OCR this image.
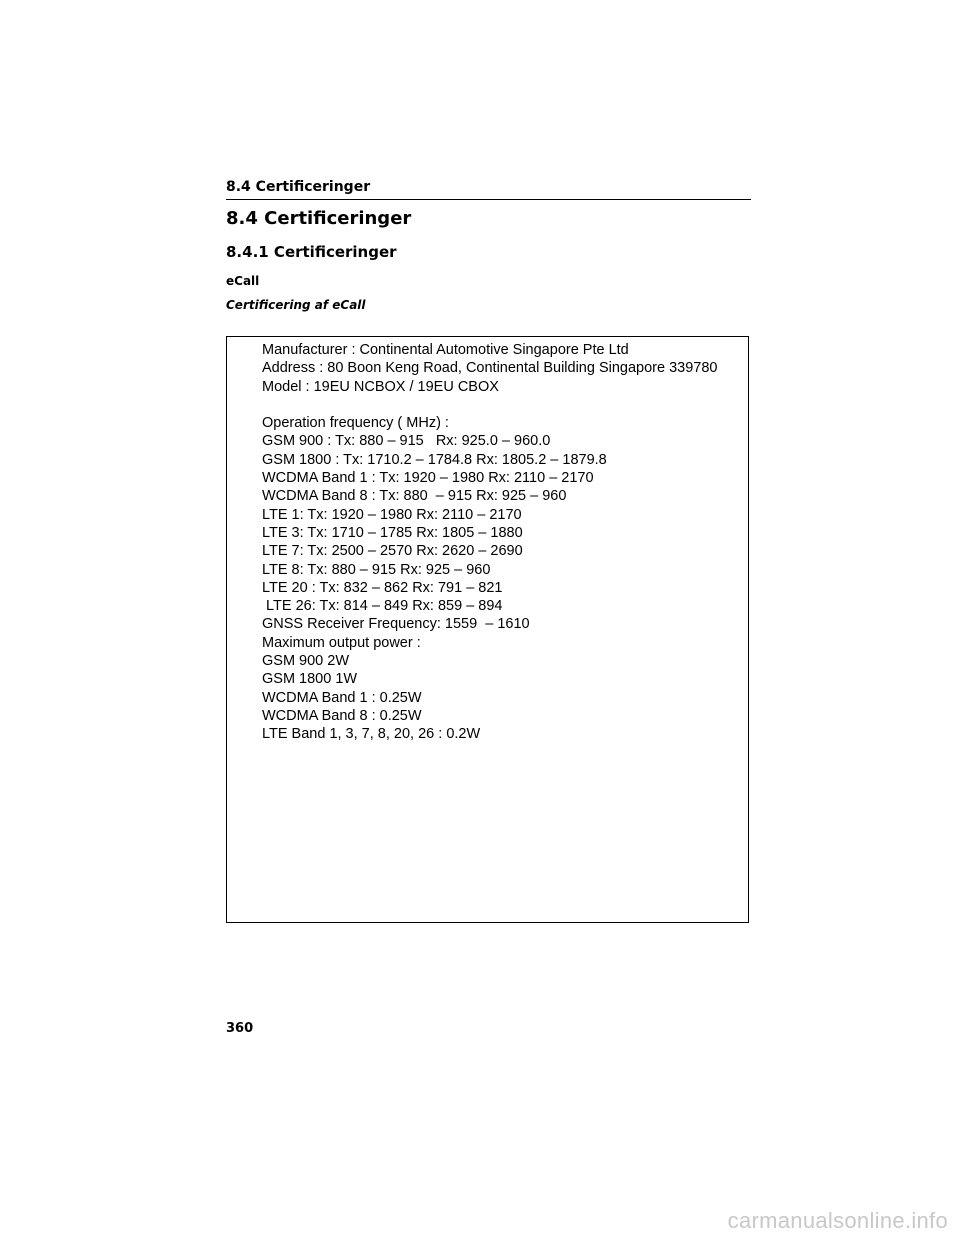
8.4 Certificeringer
8.4 Certificeringer
8.4.1 Certificeringer
eCall
Certificering af eCall
Manufacturer : Continental Automotive Singapore Pte Ltd
Address : 80 Boon Keng Road, Continental Building Singapore 339780
Model : 19EU NCBOX / 19EU CBOX
Operation frequency ( MHz) :
GSM 900 : Tx: 880 – 915   Rx: 925.0 – 960.0
GSM 1800 : Tx: 1710.2 – 1784.8 Rx: 1805.2 – 1879.8
WCDMA Band 1 : Tx: 1920 – 1980 Rx: 2110 – 2170
WCDMA Band 8 : Tx: 880  – 915 Rx: 925 – 960
LTE 1: Tx: 1920 – 1980 Rx: 2110 – 2170
LTE 3: Tx: 1710 – 1785 Rx: 1805 – 1880
LTE 7: Tx: 2500 – 2570 Rx: 2620 – 2690
LTE 8: Tx: 880 – 915 Rx: 925 – 960
LTE 20 : Tx: 832 – 862 Rx: 791 – 821
LTE 26: Tx: 814 – 849 Rx: 859 – 894
GNSS Receiver Frequency: 1559  – 1610
Maximum output power :
GSM 900 2W
GSM 1800 1W
WCDMA Band 1 : 0.25W
WCDMA Band 8 : 0.25W
LTE Band 1, 3, 7, 8, 20, 26 : 0.2W
360
carmanualsonline.info
